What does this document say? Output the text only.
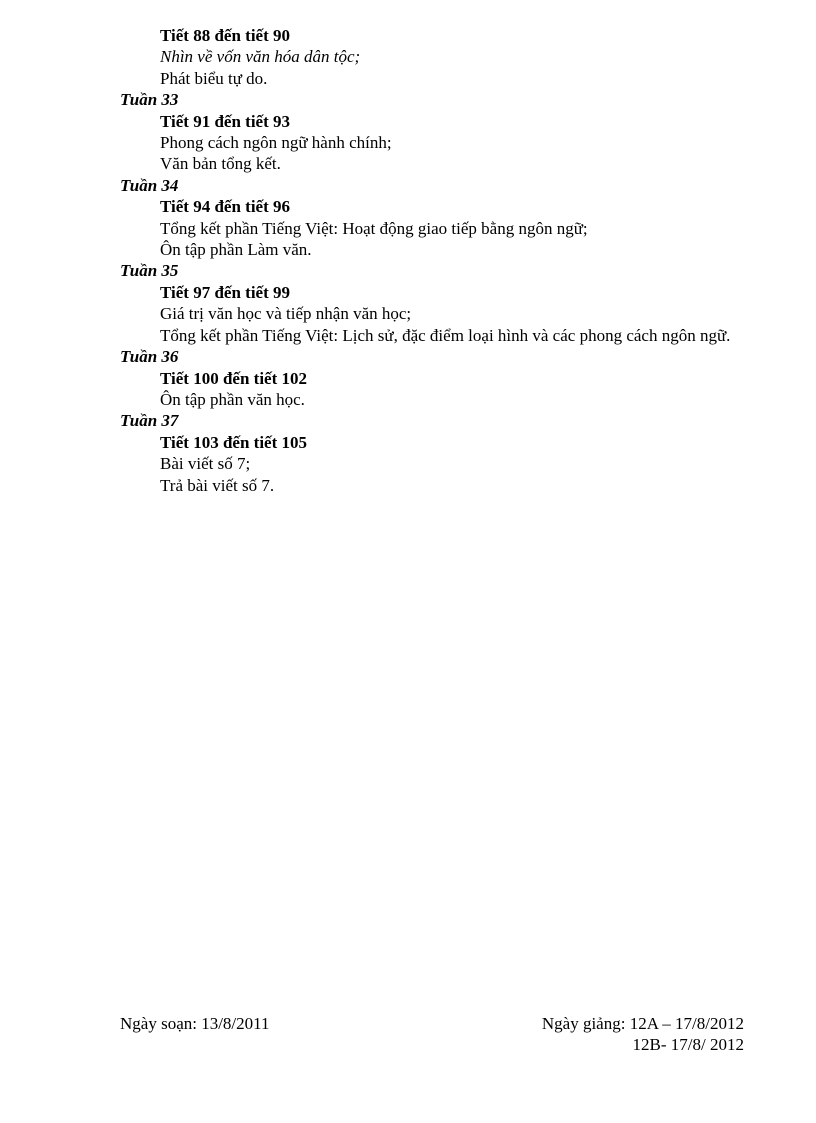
Tiết 88 đến tiết 90

Nhìn về vốn văn hóa dân tộc;

Phát biểu tự do.

Tuần 33

Tiết 91 đến tiết 93

Phong cách ngôn ngữ hành chính;

Văn bản tổng kết.

Tuần 34

Tiết 94 đến tiết 96

Tổng kết phần Tiếng Việt: Hoạt động giao tiếp bằng ngôn ngữ;

Ôn tập phần Làm văn.

Tuần 35

Tiết 97 đến tiết 99

Giá trị văn học và tiếp nhận văn học;

Tổng kết phần Tiếng Việt: Lịch sử, đặc điểm loại hình và các phong cách ngôn ngữ.

Tuần 36

Tiết 100 đến tiết 102

Ôn tập phần văn học.

Tuần 37

Tiết 103 đến tiết 105

Bài viết số 7;

Trả bài viết số 7.

Ngày soạn: 13/8/2011	Ngày giảng: 12A – 17/8/2012
12B- 17/8/ 2012
